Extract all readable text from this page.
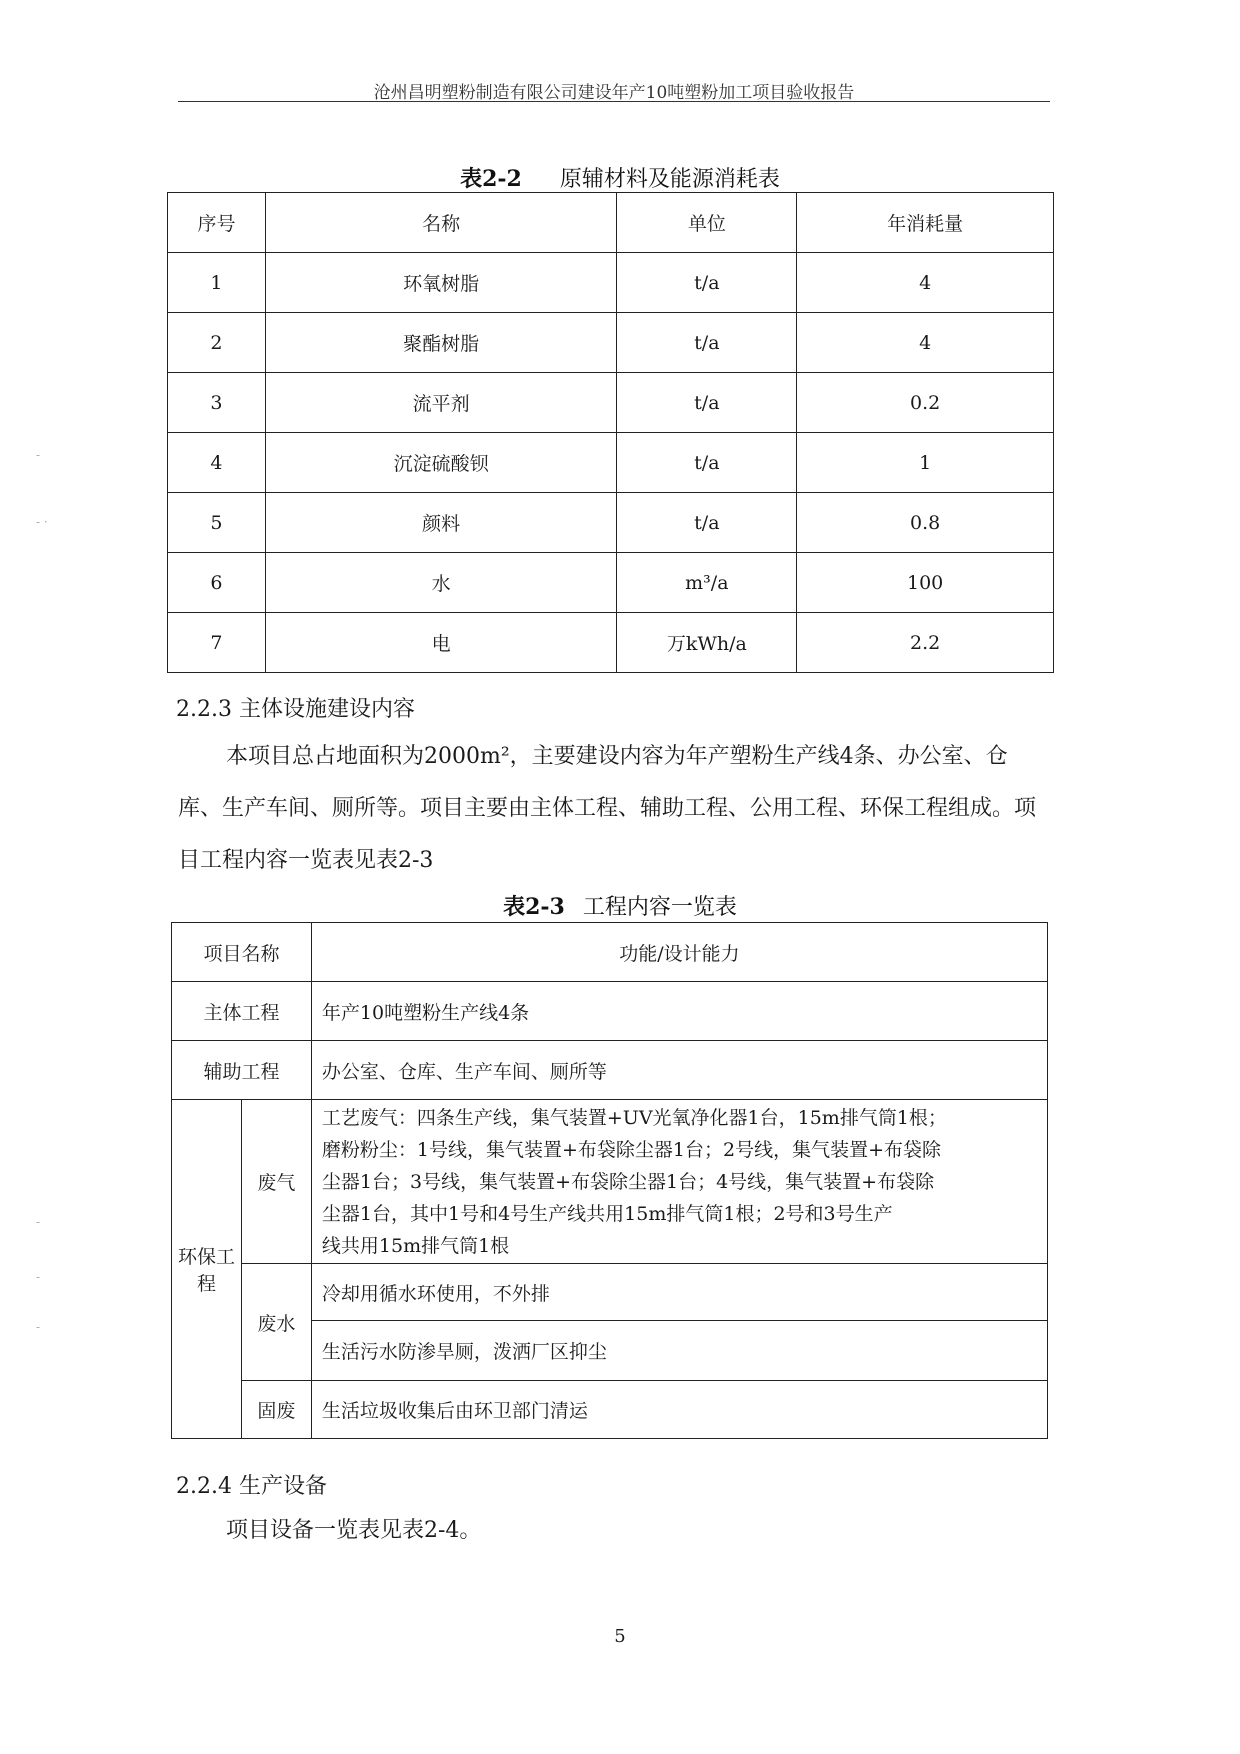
沧州昌明塑粉制造有限公司建设年产10吨塑粉加工项目验收报告
表2-2 原辅材料及能源消耗表
序号	名称	单位	年消耗量
1	环氧树脂	t/a	4
2	聚酯树脂	t/a	4
3	流平剂	t/a	0.2
4	沉淀硫酸钡	t/a	1
5	颜料	t/a	0.8
6	水	m³/a	100
7	电	万kWh/a	2.2
2.2.3 主体设施建设内容
本项目总占地面积为2000m²，主要建设内容为年产塑粉生产线4条、办公室、仓库、生产车间、厕所等。项目主要由主体工程、辅助工程、公用工程、环保工程组成。项目工程内容一览表见表2-3
表2-3 工程内容一览表
项目名称		功能/设计能力
主体工程		年产10吨塑粉生产线4条
辅助工程		办公室、仓库、生产车间、厕所等
环保工程	废气	工艺废气：四条生产线，集气装置+UV光氧净化器1台，15m排气筒1根；
磨粉粉尘：1号线，集气装置+布袋除尘器1台；2号线，集气装置+布袋除
尘器1台；3号线，集气装置+布袋除尘器1台；4号线，集气装置+布袋除
尘器1台，其中1号和4号生产线共用15m排气筒1根；2号和3号生产
线共用15m排气筒1根

	废水	冷却用循水环使用，不外排
		生活污水防渗旱厕，泼洒厂区抑尘
	固废	生活垃圾收集后由环卫部门清运
2.2.4 生产设备
项目设备一览表见表2-4。
5
-
- ·
-
-
-
